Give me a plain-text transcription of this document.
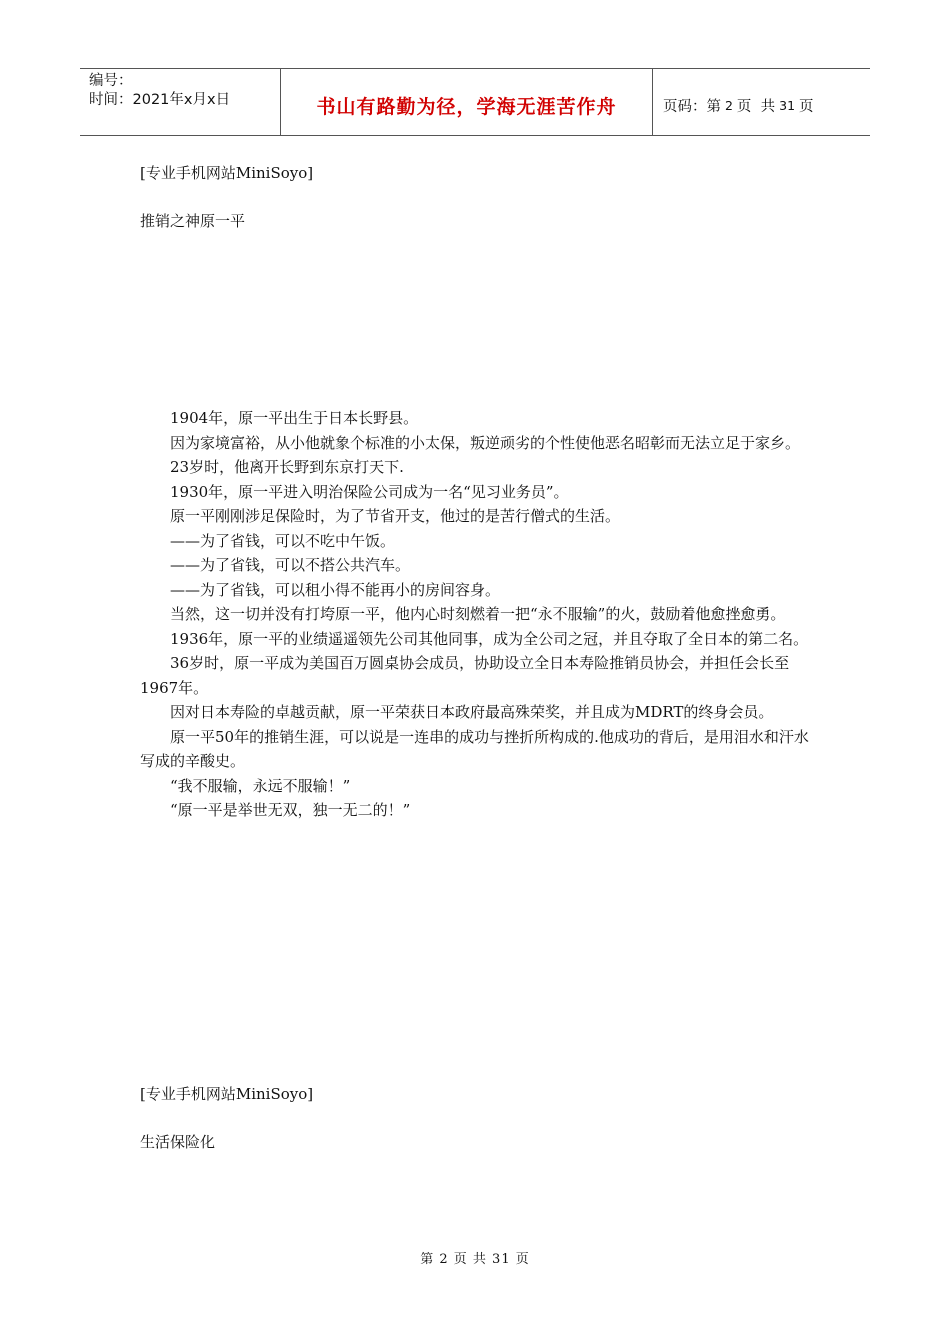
编号：
时间：2021年x月x日	书山有路勤为径，学海无涯苦作舟	页码：第
2
页  共
31
页
[专业手机网站MiniSoyo]
推销之神原一平

1904年，原一平出生于日本长野县。

因为家境富裕，从小他就象个标准的小太保，叛逆顽劣的个性使他恶名昭彰而无法立足于家乡。

23岁时，他离开长野到东京打天下.

1930年，原一平进入明治保险公司成为一名“见习业务员”。

原一平刚刚涉足保险时，为了节省开支，他过的是苦行僧式的生活。

——为了省钱，可以不吃中午饭。

——为了省钱，可以不搭公共汽车。

——为了省钱，可以租小得不能再小的房间容身。

当然，这一切并没有打垮原一平，他内心时刻燃着一把“永不服输”的火，鼓励着他愈挫愈勇。

1936年，原一平的业绩遥遥领先公司其他同事，成为全公司之冠，并且夺取了全日本的第二名。

36岁时，原一平成为美国百万圆桌协会成员，协助设立全日本寿险推销员协会，并担任会长至1967年。

因对日本寿险的卓越贡献，原一平荣获日本政府最高殊荣奖，并且成为MDRT的终身会员。

原一平50年的推销生涯，可以说是一连串的成功与挫折所构成的.他成功的背后，是用泪水和汗水写成的辛酸史。

“我不服输，永远不服输！”

“原一平是举世无双，独一无二的！”

[专业手机网站MiniSoyo]
生活保险化
第 2 页 共 31 页
